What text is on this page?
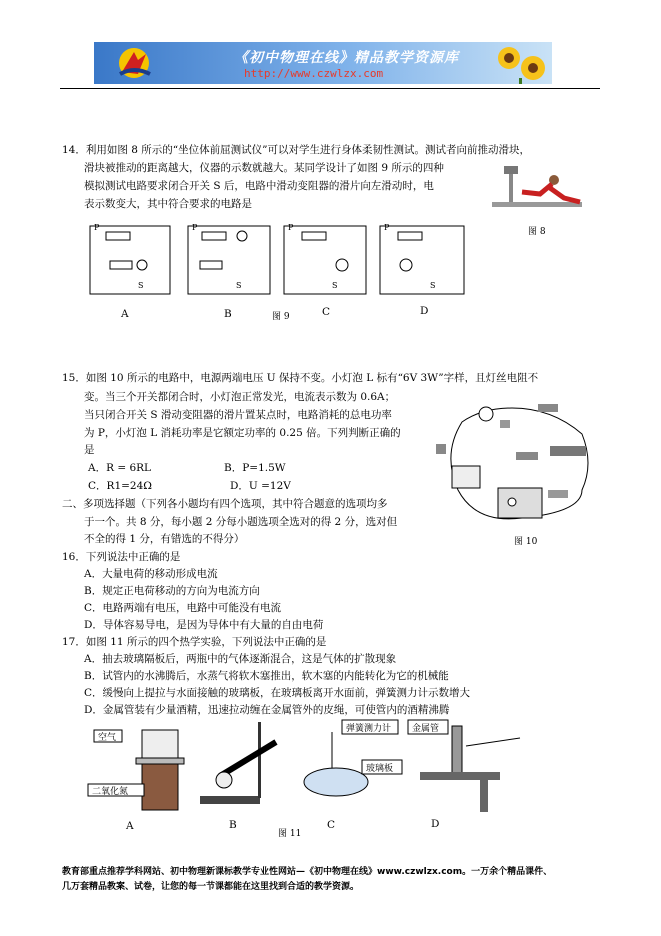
《初中物理在线》精品教学资源库
http://www.czwlzx.com
14．利用如图 8 所示的“坐位体前屈测试仪”可以对学生进行身体柔韧性测试。测试者向前推动滑块，
滑块被推动的距离越大，仪器的示数就越大。某同学设计了如图 9 所示的四种
模拟测试电路要求闭合开关 S 后，电路中滑动变阻器的滑片向左滑动时，电
表示数变大，其中符合要求的电路是
图 8
P	P	P	P
S	S	S	S
A	B	图 9	C	D
15．如图 10 所示的电路中，电源两端电压 U 保持不变。小灯泡 L 标有“6V 3W”字样，且灯丝电阻不
变。当三个开关都闭合时，小灯泡正常发光，电流表示数为 0.6A；
当只闭合开关 S 滑动变阻器的滑片置某点时，电路消耗的总电功率
为 P，小灯泡 L 消耗功率是它额定功率的 0.25 倍。下列判断正确的
是
A．R = 6RL	B．P=1.5W
C．R1=24Ω	D．U =12V
图 10
二、多项选择题（下列各小题均有四个选项，其中符合题意的选项均多
于一个。共 8 分，每小题 2 分每小题选项全选对的得 2 分，选对但
不全的得 1 分，有错选的不得分）
16．下列说法中正确的是
A．大量电荷的移动形成电流
B．规定正电荷移动的方向为电流方向
C．电路两端有电压，电路中可能没有电流
D．导体容易导电，是因为导体中有大量的自由电荷
17．如图 11 所示的四个热学实验，下列说法中正确的是
A．抽去玻璃隔板后，两瓶中的气体逐渐混合，这是气体的扩散现象
B．试管内的水沸腾后，水蒸气将软木塞推出，软木塞的内能转化为它的机械能
C．缓慢向上提拉与水面接触的玻璃板，在玻璃板离开水面前，弹簧测力计示数增大
D．金属管装有少量酒精，迅速拉动缠在金属管外的皮绳，可使管内的酒精沸腾
空气
二氧化氮
弹簧测力计
玻璃板
金属管
A	B
图 11
C	D
教育部重点推荐学科网站、初中物理新课标教学专业性网站—《初中物理在线》www.czwlzx.com。一万余个精品课件、
几万套精品教案、试卷，让您的每一节课都能在这里找到合适的教学资源。
